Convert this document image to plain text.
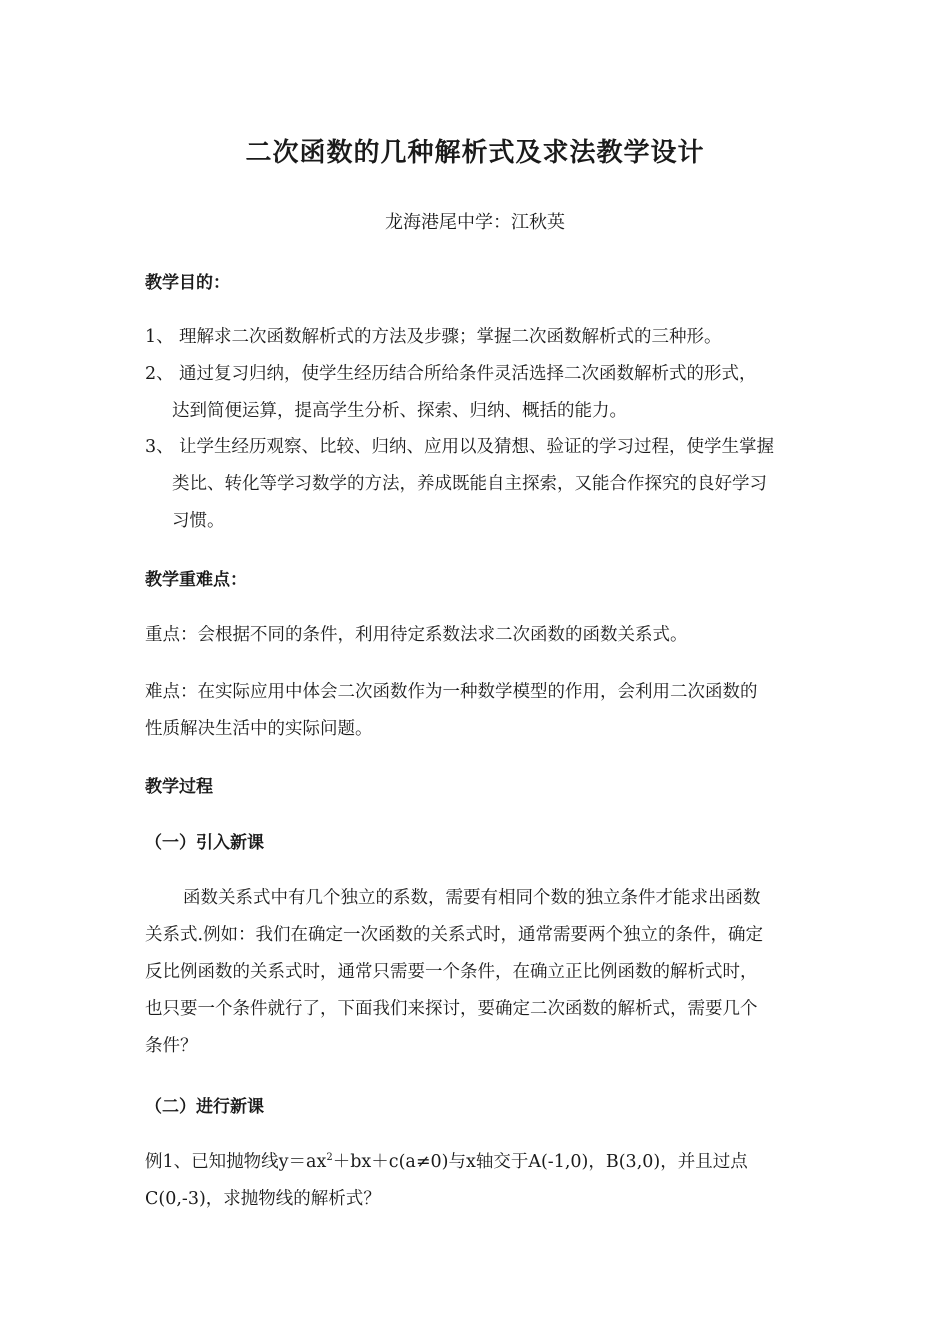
二次函数的几种解析式及求法教学设计
龙海港尾中学：江秋英
教学目的：
1、 理解求二次函数解析式的方法及步骤；掌握二次函数解析式的三种形。
2、 通过复习归纳，使学生经历结合所给条件灵活选择二次函数解析式的形式，
达到简便运算，提高学生分析、探索、归纳、概括的能力。
3、 让学生经历观察、比较、归纳、应用以及猜想、验证的学习过程，使学生掌握
类比、转化等学习数学的方法，养成既能自主探索，又能合作探究的良好学习
习惯。
教学重难点：
重点：会根据不同的条件，利用待定系数法求二次函数的函数关系式。
难点：在实际应用中体会二次函数作为一种数学模型的作用，会利用二次函数的
性质解决生活中的实际问题。
教学过程
（一）引入新课
函数关系式中有几个独立的系数，需要有相同个数的独立条件才能求出函数
关系式.例如：我们在确定一次函数的关系式时，通常需要两个独立的条件，确定
反比例函数的关系式时，通常只需要一个条件，在确立正比例函数的解析式时，
也只要一个条件就行了，下面我们来探讨，要确定二次函数的解析式，需要几个
条件？
（二）进行新课
例1、已知抛物线$y=ax^2+bx+c(a\ne 0)$与x轴交于A(-1,0)，B(3,0)，并且过点
C(0,-3)，求抛物线的解析式？
